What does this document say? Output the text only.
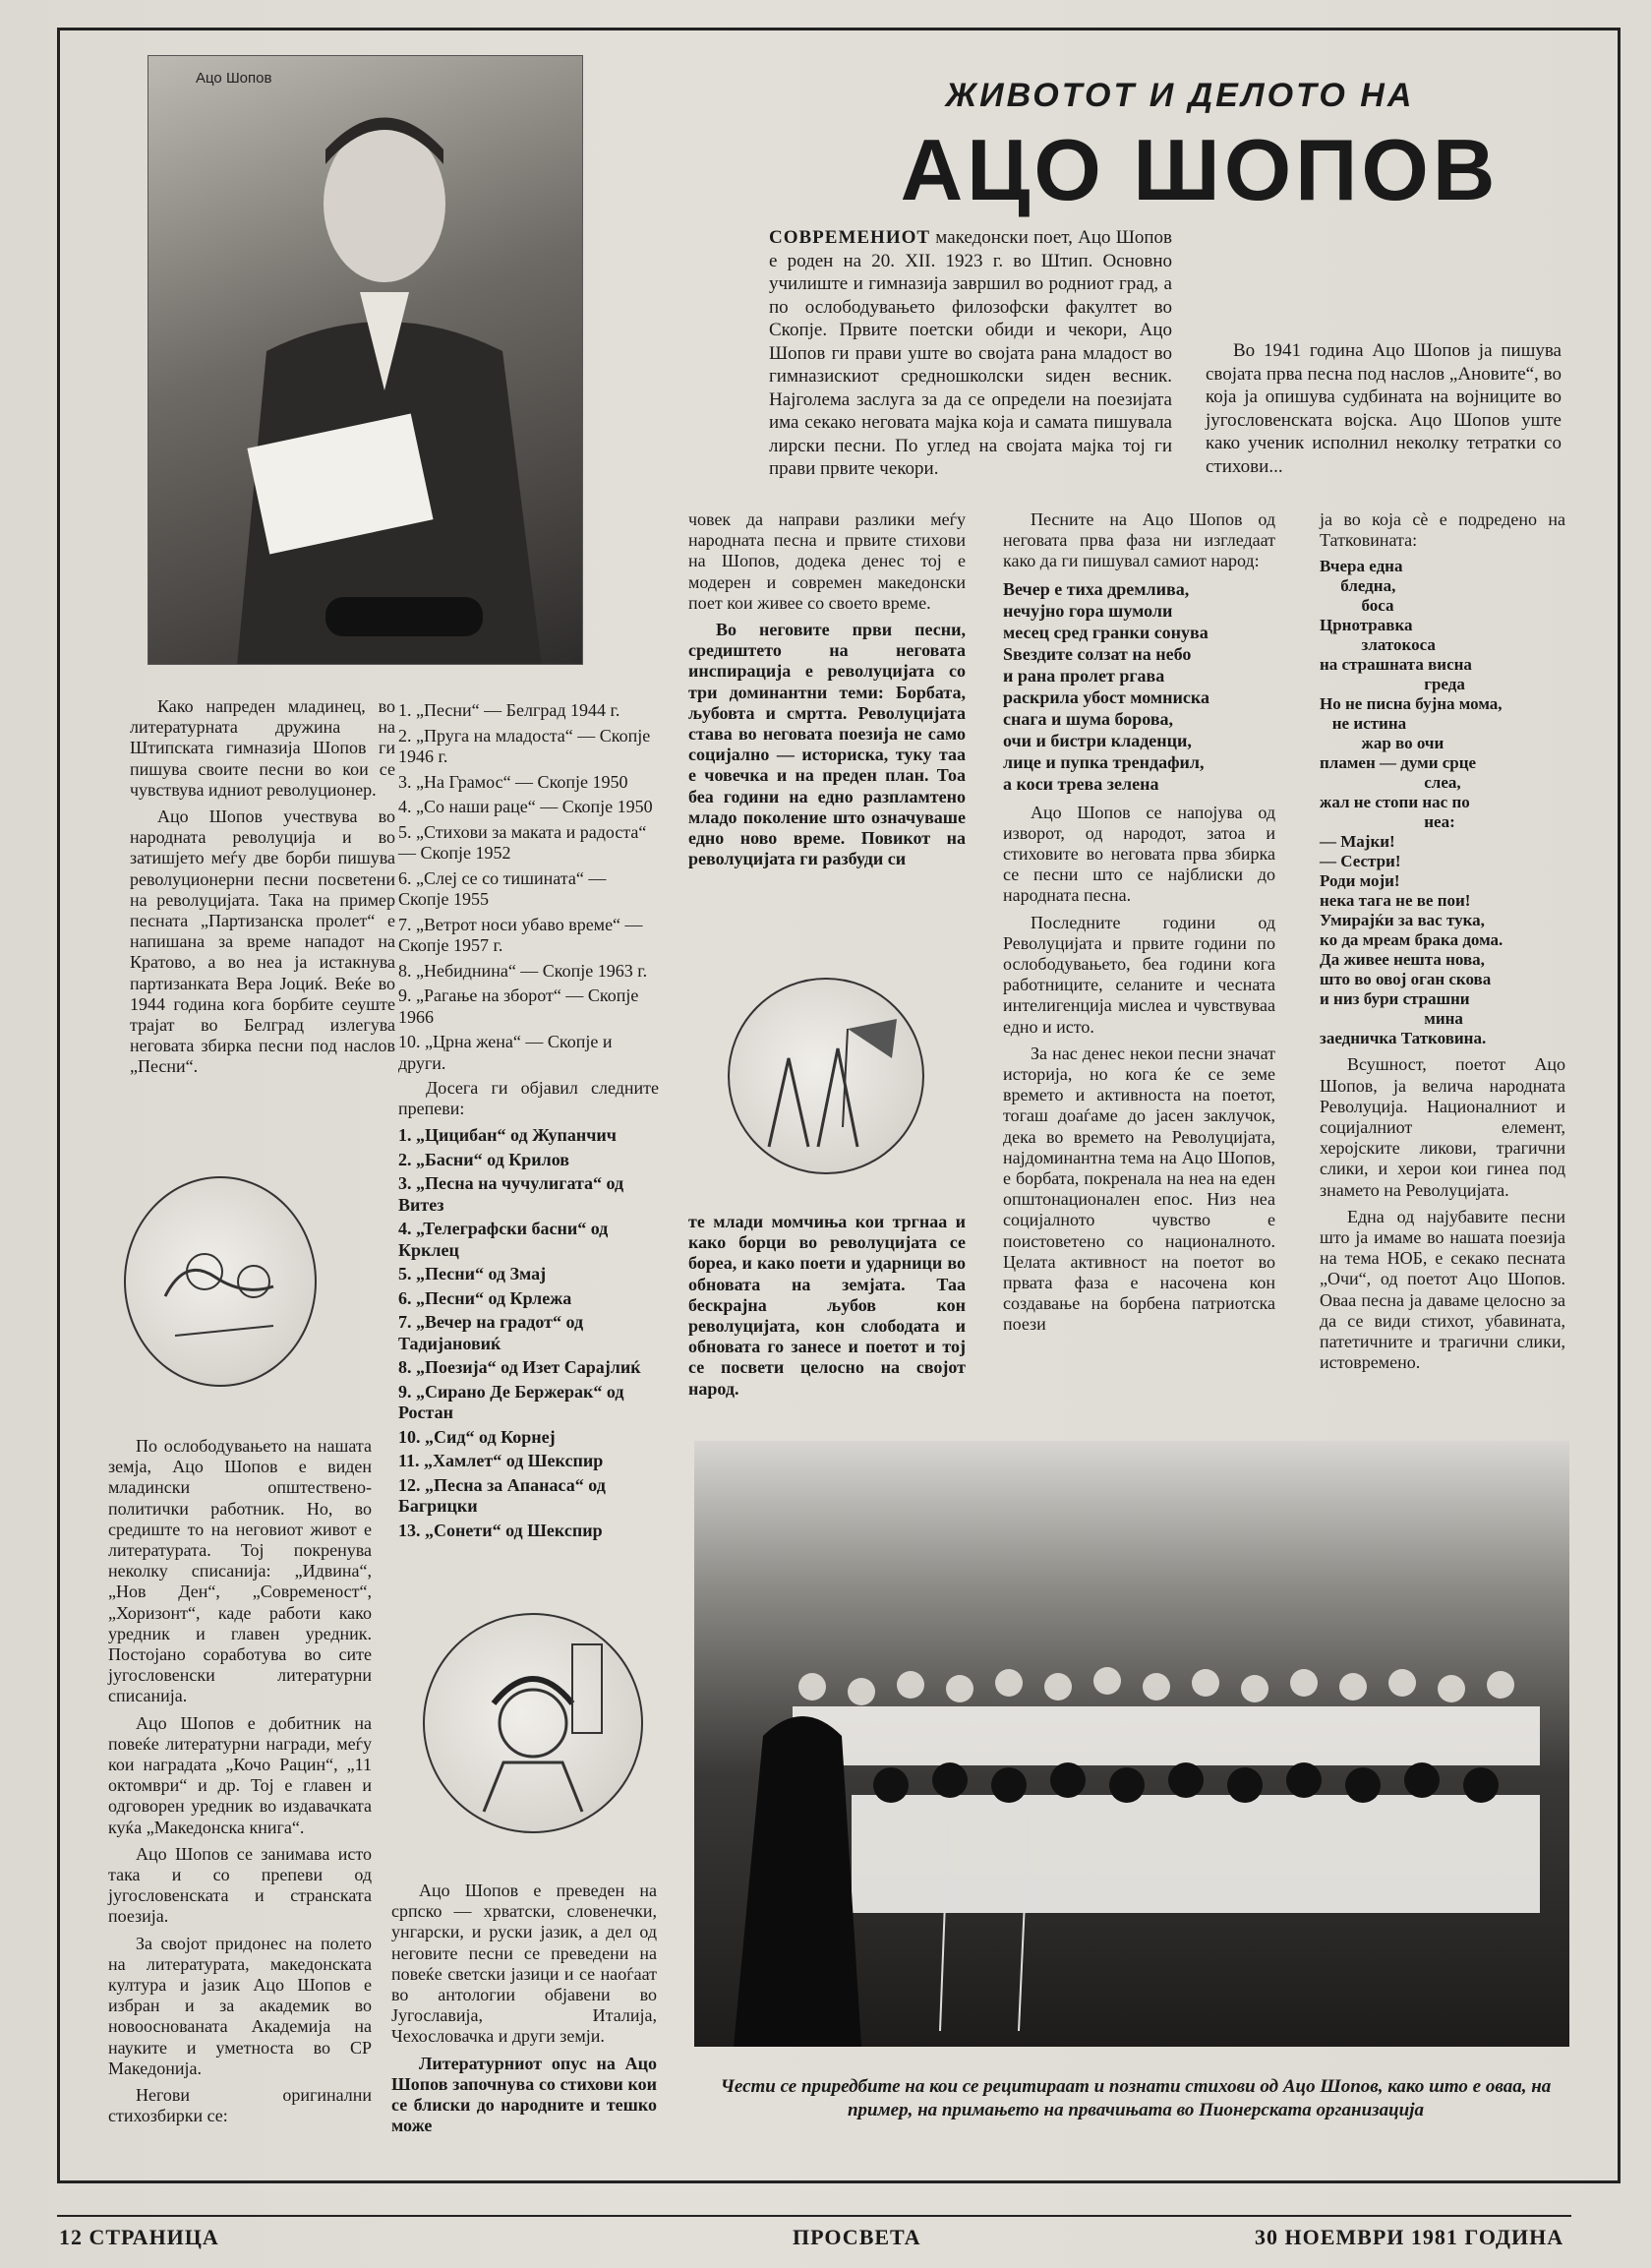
Ацо Шопов	ЖИВОТОТ И ДЕЛОТО НА
АЦО ШОПОВ

СОВРЕМЕНИОТ македонски поет, Ацо Шопов е роден на 20. XII. 1923 г. во Штип. Основно училиште и гимназија завршил во родниот град, а по ослободувањето филозофски факултет во Скопје. Првите поетски обиди и чекори, Ацо Шопов ги прави уште во својата рана младост во гимназискиот средношколски ѕиден весник. Најголема заслуга за да се определи на поезијата има секако неговата мајка која и самата пишувала лирски песни. По углед на својата мајка тој ги прави првите чекори.

Во 1941 година Ацо Шопов ја пишува својата прва песна под наслов „Ановите“, во која ја опишува судбината на војниците во југословенската војска. Ацо Шопов уште како ученик исполнил неколку тетратки со стихови...

Како напреден младинец, во литературната дружина на Штипската гимназија Шопов ги пишува своите песни во кои се чувствува идниот револуционер.

Ацо Шопов учествува во народната револуција и во затишјето меѓу две борби пишува револуционерни песни посветени на револуцијата. Така на пример песната „Партизанска пролет“ е напишана за време нападот на Кратово, а во неа ја истакнува партизанката Вера Јоциќ. Веќе во 1944 година кога борбите сеуште трајат во Белград излегува неговата збирка песни под наслов „Песни“.

По ослободувањето на нашата земја, Ацо Шопов е виден младински општествено-политички работник. Но, во средиште то на неговиот живот е литературата. Тој покренува неколку списанија: „Идвина“, „Нов Ден“, „Современост“, „Хоризонт“, каде работи како уредник и главен уредник. Постојано соработува во сите југословенски литературни списанија.

Ацо Шопов е добитник на повеќе литературни награди, меѓу кои наградата „Кочо Рацин“, „11 октомври“ и др. Тој е главен и одговорен уредник во издавачката куќа „Македонска книга“.

Ацо Шопов се занимава исто така и со препеви од југословенската и странската поезија.

За својот придонес на полето на литературата, македонската култура и јазик Ацо Шопов е избран и за академик во новооснованата Академија на науките и уметноста во СР Македонија.

Негови оригинални стихозбирки се:

1. „Песни“ — Белград 1944 г.
2. „Пруга на младоста“ — Скопје 1946 г.
3. „На Грамос“ — Скопје 1950
4. „Со наши раце“ — Скопје 1950
5. „Стихови за маката и радоста“ — Скопје 1952
6. „Слеј се со тишината“ — Скопје 1955
7. „Ветрот носи убаво време“ — Скопје 1957 г.
8. „Небиднина“ — Скопје 1963 г.
9. „Рагање на зборот“ — Скопје 1966
10. „Црна жена“ — Скопје и други.

Досега ги објавил следните препеви:

1. „Цицибан“ од Жупанчич
2. „Басни“ од Крилов
3. „Песна на чучулигата“ од Витез
4. „Телеграфски басни“ од Крклец
5. „Песни“ од Змај
6. „Песни“ од Крлежа
7. „Вечер на градот“ од Тадијановиќ
8. „Поезија“ од Изет Сарајлиќ
9. „Сирано Де Бержерак“ од Ростан
10. „Сид“ од Корнеј
11. „Хамлет“ од Шекспир
12. „Песна за Апанаса“ од Багрицки
13. „Сонети“ од Шекспир

Ацо Шопов е преведен на српско — хрватски, словенечки, унгарски, и руски јазик, а дел од неговите песни се преведени на повеќе светски јазици и се наоѓаат во антологии објавени во Југославија, Италија, Чехословачка и други земји.

Литературниот опус на Ацо Шопов започнува со стихови кои се блиски до народните и тешко може

човек да направи разлики меѓу народната песна и првите стихови на Шопов, додека денес тој е модерен и современ македонски поет кои живее со своето време.

Во неговите први песни, средиштето на неговата инспирација е револуцијата со три доминантни теми: Борбата, љубовта и смртта. Револуцијата става во неговата поезија не само социјално — историска, туку таа е човечка и на преден план. Тоа беа години на едно разпламтено младо поколение што означуваше едно ново време. Повикот на револуцијата ги разбуди си

те млади момчиња кои тргнаа и како борци во револуцијата се бореа, и како поети и ударници во обновата на земјата. Таа бескрајна љубов кон револуцијата, кон слободата и обновата го занесе и поетот и тој се посвети целосно на својот народ.

Песните на Ацо Шопов од неговата прва фаза ни изгледаат како да ги пишувал самиот народ:

Вечер е тиха дремлива,
нечујно гора шумоли
месец сред гранки сонува
Ѕвездите солзат на небо
и рана пролет ргава
раскрила убост момниска
снага и шума борова,
очи и бистри кладенци,
лице и пупка трендафил,
а коси трева зелена

Ацо Шопов се напојува од изворот, од народот, затоа и стиховите во неговата прва збирка се песни што се најблиски до народната песна.

Последните години од Револуцијата и првите години по ослободувањето, беа години кога работниците, селаните и чесната интелигенција мислеа и чувствуваа едно и исто.

За нас денес некои песни значат историја, но кога ќе се земе времето и активноста на поетот, тогаш доаѓаме до јасен заклучок, дека во времето на Револуцијата, најдоминантна тема на Ацо Шопов, е борбата, покренала на неа на еден општонационален епос. Низ неа социјалното чувство е поистоветено со националното. Целата активност на поетот во првата фаза е насочена кон создавање на борбена патриотска поези

ја во која сè е подредено на Татковината:

Вчера една
бледна,
боса
Црнотравка
златокоса
на страшната висна
греда
Но не писна бујна мома,
не истина
жар во очи
пламен — думи срце
слеа,
жал не стопи нас по
неа:
— Мајки!
— Сестри!
Роди моји!
нека тага не ве пои!
Умирајќи за вас тука,
ко да мреам брака дома.
Да живее нешта нова,
што во овој оган скова
и низ бури страшни
мина
заедничка Татковина.

Всушност, поетот Ацо Шопов, ја велича народната Револуција. Националниот и социјалниот елемент, херојските ликови, трагични слики, и херои кои гинеа под знамето на Револуцијата.

Една од најубавите песни што ја имаме во нашата поезија на тема НОБ, е секако песната „Очи“, од поетот Ацо Шопов. Оваа песна ја даваме целосно за да се види стихот, убавината, патетичните и трагични слики, истовремено.

Чести се приредбите на кои се рецитираат и познати стихови од Ацо Шопов, како што е оваа, на пример, на примањето на првачињата во Пионерската организација
12 СТРАНИЦА	ПРОСВЕТА	30 НОЕМВРИ 1981 ГОДИНА
